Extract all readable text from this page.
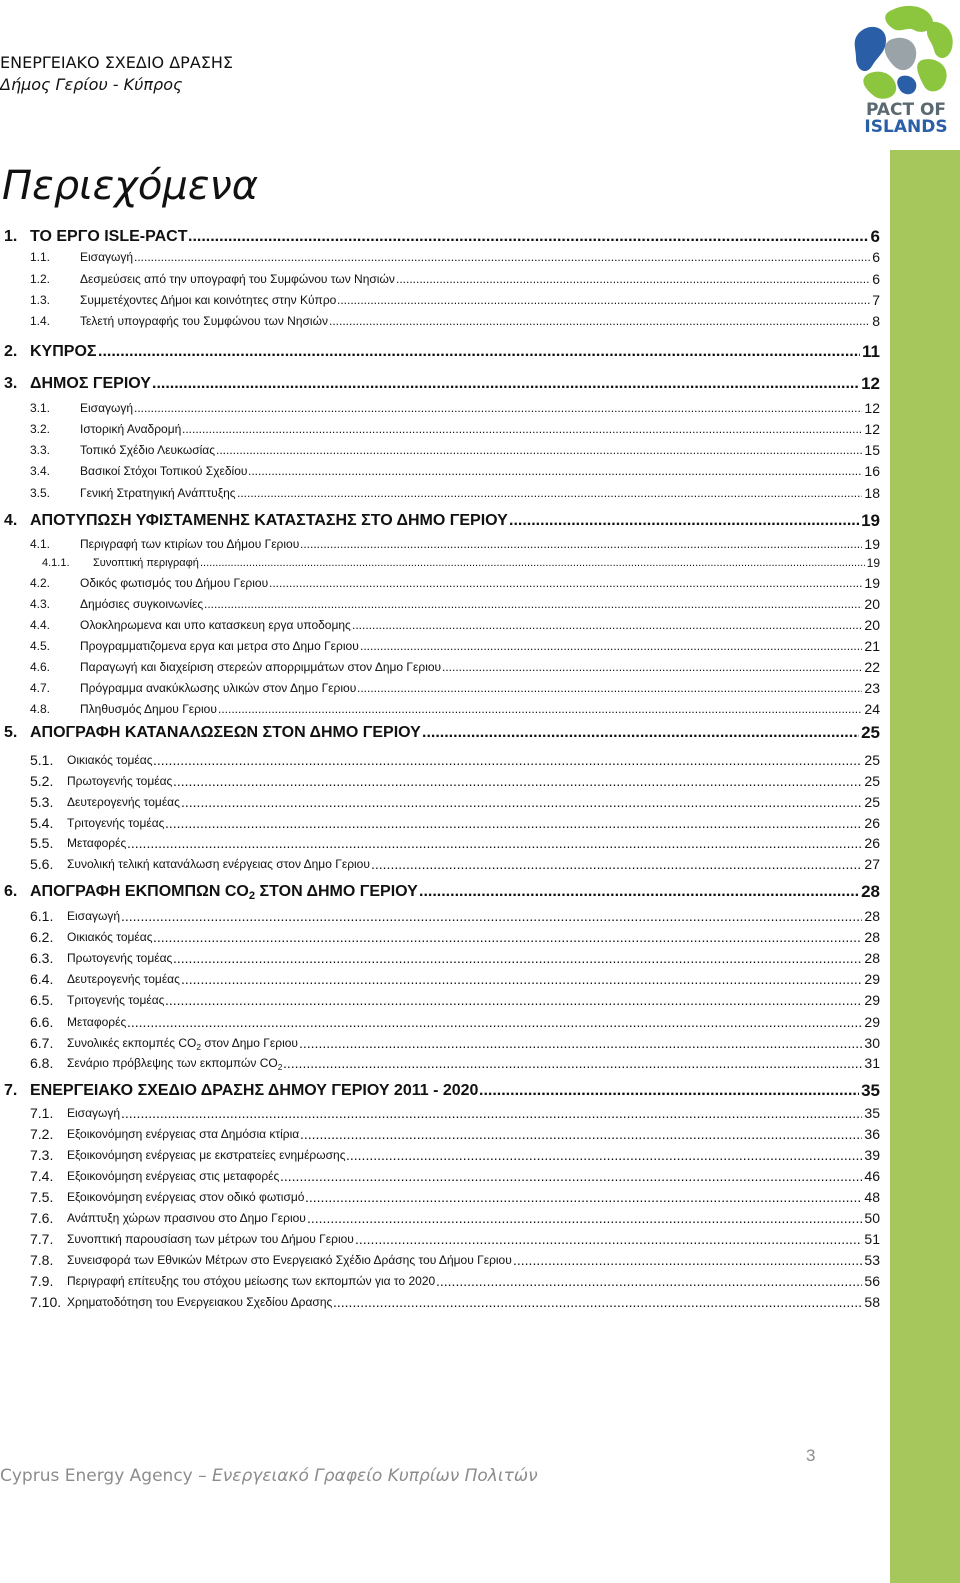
ΕΝΕΡΓΕΙΑΚΟ ΣΧΕΔΙΟ ΔΡΑΣΗΣ
Δήμος Γερίου - Κύπρος
PACT OF
ISLANDS
Περιεχόμενα
.....
1. ΤΟ ΕΡΓΟ ISLE-PACT	6
.....
1.1. Εισαγωγή	6
.....
1.2. Δεσμεύσεις από την υπογραφή του Συμφώνου των Νησιών	6
.....
1.3. Συμμετέχοντες Δήμοι και κοινότητες στην Κύπρο	7
.....
1.4. Τελετή υπογραφής του Συμφώνου των Νησιών	8
.....
2. ΚΥΠΡΟΣ	11
.....
3. ΔΗΜΟΣ ΓΕΡΙΟΥ	12
.....
3.1. Εισαγωγή	12
.....
3.2. Ιστορική Αναδρομή	12
.....
3.3. Τοπικό Σχέδιο Λευκωσίας	15
.....
3.4. Βασικοί Στόχοι Τοπικού Σχεδίου	16
.....
3.5. Γενική Στρατηγική Ανάπτυξης	18
.....
4. ΑΠΟΤΥΠΩΣΗ ΥΦΙΣΤΑΜΕΝΗΣ ΚΑΤΑΣΤΑΣΗΣ ΣΤΟ ΔΗΜΟ ΓΕΡΙΟΥ	19
.....
4.1. Περιγραφή των κτιρίων του Δήμου Γεριου	19
.....
4.1.1. Συνοπτική περιγραφή	19
.....
4.2. Οδικός φωτισμός του Δήμου Γεριου	19
.....
4.3. Δημόσιες συγκοινωνίες	20
.....
4.4. Ολοκληρωμενα και υπο κατασκευη εργα υποδομης	20
.....
4.5. Προγραμματιζομενα εργα και μετρα στο Δημο Γεριου	21
.....
4.6. Παραγωγή και διαχείριση στερεών απορριμμάτων στον Δημο Γεριου	22
.....
4.7. Πρόγραμμα ανακύκλωσης υλικών στον Δημο Γεριου	23
.....
4.8. Πληθυσμός Δημου Γεριου	24
.....
5. ΑΠΟΓΡΑΦΗ ΚΑΤΑΝΑΛΩΣΕΩΝ ΣΤΟΝ ΔΗΜΟ ΓΕΡΙΟΥ	25
.....
5.1. Οικιακός τομέας	25
.....
5.2. Πρωτογενής τομέας	25
.....
5.3. Δευτερογενής τομέας	25
.....
5.4. Τριτογενής τομέας	26
.....
5.5. Μεταφορές	26
.....
5.6. Συνολική τελική κατανάλωση ενέργειας στον Δημο Γεριου	27
.....
6. ΑΠΟΓΡΑΦΗ ΕΚΠΟΜΠΩΝ $CO_2$ ΣΤΟΝ ΔΗΜΟ ΓΕΡΙΟΥ	28
.....
6.1. Εισαγωγή	28
.....
6.2. Οικιακός τομέας	28
.....
6.3. Πρωτογενής τομέας	28
.....
6.4. Δευτερογενής τομέας	29
.....
6.5. Τριτογενής τομέας	29
.....
6.6. Μεταφορές	29
.....
6.7. Συνολικές εκπομπές $CO_2$ στον Δημο Γεριου	30
.....
6.8. Σενάριο πρόβλεψης των εκπομπών $CO_2$	31
.....
7. ΕΝΕΡΓΕΙΑΚΟ ΣΧΕΔΙΟ ΔΡΑΣΗΣ ΔΗΜΟΥ ΓΕΡΙΟΥ 2011 - 2020	35
.....
7.1. Εισαγωγή	35
.....
7.2. Εξοικονόμηση ενέργειας στα Δημόσια κτίρια	36
.....
7.3. Εξοικονόμηση ενέργειας με εκστρατείες ενημέρωσης	39
.....
7.4. Εξοικονόμηση ενέργειας στις μεταφορές	46
.....
7.5. Εξοικονόμηση ενέργειας στον οδικό φωτισμό	48
.....
7.6. Ανάπτυξη χώρων πρασινου στο Δημο Γεριου	50
.....
7.7. Συνοπτική παρουσίαση των μέτρων του Δήμου Γεριου	51
.....
7.8. Συνεισφορά των Εθνικών Μέτρων στο Ενεργειακό Σχέδιο Δράσης του Δήμου Γεριου	53
.....
7.9. Περιγραφή επίτευξης του στόχου μείωσης των εκπομπών για το 2020	56
.....
7.10. Χρηματοδότηση του Ενεργειακου Σχεδίου Δρασης	58
Cyprus Energy Agency – Ενεργειακό Γραφείο Κυπρίων Πολιτών
3
